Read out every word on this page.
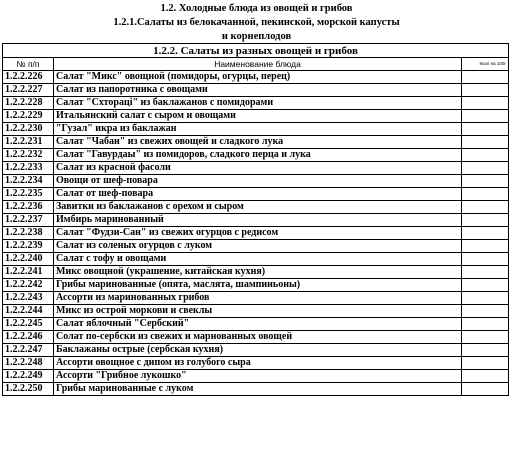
1.2. Холодные блюда из овощей и грибов
1.2.1.Салаты из белокачанной, пекинской, морской капусты
и корнеплодов
1.2.2. Салаты из разных овощей и грибов		
№ п/п	Наименование блюда	Ккал на 100г
1.2.2.226	Салат "Микс" овощной (помидоры, огурцы, перец)	
1.2.2.227	Салат из папоротника с овощами	
1.2.2.228	Салат "Схтораці" из баклажанов с помидорами	
1.2.2.229	Итальянский салат с сыром и овощами	
1.2.2.230	"Гузал" икра из баклажан	
1.2.2.231	Салат "Чабан" из свежих овощей и сладкого лука	
1.2.2.232	Салат "Гавурдаы" из помидоров, сладкого перца и лука	
1.2.2.233	Салат из красной фасоли	
1.2.2.234	Овощи от шеф-повара	
1.2.2.235	Салат от шеф-повара	
1.2.2.236	Завитки из баклажанов с орехом и сыром	
1.2.2.237	Имбирь маринованный	
1.2.2.238	Салат "Фудзи-Сан" из свежих огурцов с редисом	
1.2.2.239	Салат из соленых огурцов с луком	
1.2.2.240	Салат с тофу и овощами	
1.2.2.241	Микс овощной (украшение, китайская кухня)	
1.2.2.242	Грибы маринованные (опята, маслята, шампиньоны)	
1.2.2.243	Ассорти из маринованных грибов	
1.2.2.244	Микс из острой моркови и свеклы	
1.2.2.245	Салат яблочный "Сербский"	
1.2.2.246	Солат по-сербски из свежих и марнованных овощей	
1.2.2.247	Баклажаны острые (сербская кухня)	
1.2.2.248	Ассорти овощное с дипом из голубого сыра	
1.2.2.249	Ассорти "Грибное лукошко"	
1.2.2.250	Грибы маринованные с луком	
